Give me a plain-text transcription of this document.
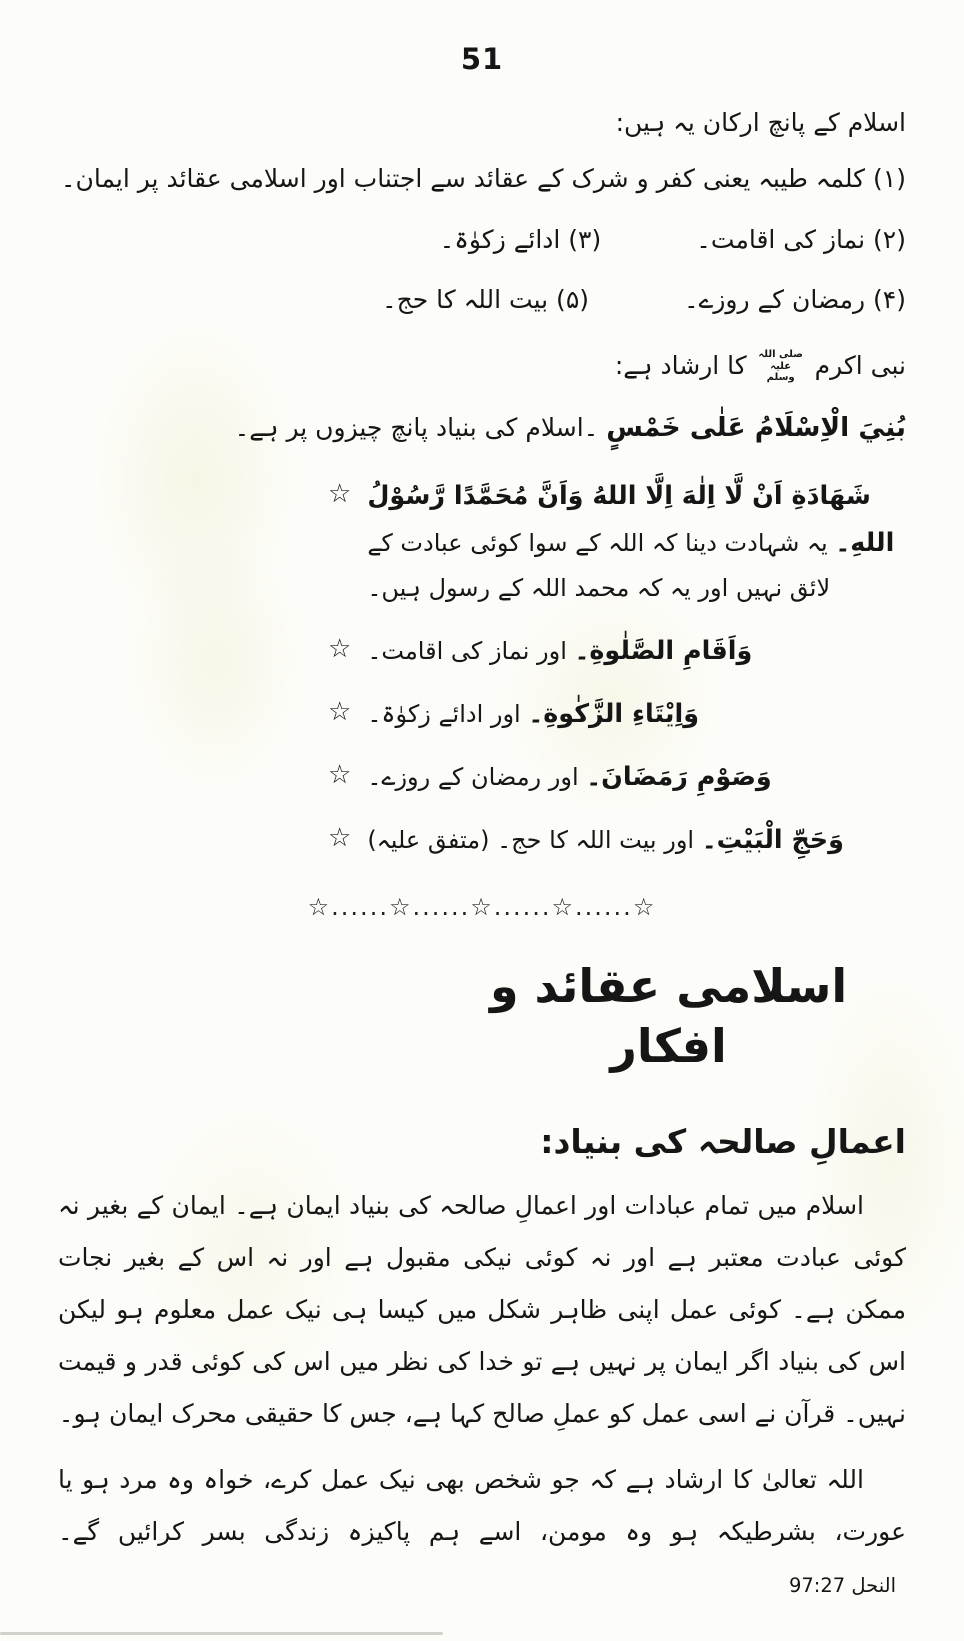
51

اسلام کے پانچ ارکان یہ ہیں:

(۱) کلمہ طیبہ یعنی کفر و شرک کے عقائد سے اجتناب اور اسلامی عقائد پر ایمان۔

(۲) نماز کی اقامت۔
(۳) ادائے زکوٰۃ۔
(۴) رمضان کے روزے۔
(۵) بیت اللہ کا حج۔

نبی اکرم صلی اللہ علیہ وسلم کا ارشاد ہے:

بُنِيَ الْاِسْلَامُ عَلٰى خَمْسٍ ۔اسلام کی بنیاد پانچ چیزوں پر ہے۔

☆ شَهَادَةِ اَنْ لَّا اِلٰهَ اِلَّا اللهُ وَاَنَّ مُحَمَّدًا رَّسُوْلُ اللهِ۔ یہ شہادت دینا کہ اللہ کے سوا کوئی عبادت کے لائق نہیں اور یہ کہ محمد اللہ کے رسول ہیں۔
☆	وَاَقَامِ الصَّلٰوةِ۔ اور نماز کی اقامت۔
☆	وَاِيْتَاءِ الزَّكٰوةِ۔ اور ادائے زکوٰۃ۔
☆	وَصَوْمِ رَمَضَانَ۔ اور رمضان کے روزے۔
☆	وَحَجِّ الْبَيْتِ۔ اور بیت اللہ کا حج۔ (متفق علیہ)
☆......☆......☆......☆......☆
اسلامی عقائد و افکار
اعمالِ صالحہ کی بنیاد:

اسلام میں تمام عبادات اور اعمالِ صالحہ کی بنیاد ایمان ہے۔ ایمان کے بغیر نہ کوئی عبادت معتبر ہے اور نہ کوئی نیکی مقبول ہے اور نہ اس کے بغیر نجات ممکن ہے۔ کوئی عمل اپنی ظاہر شکل میں کیسا ہی نیک عمل معلوم ہو لیکن اس کی بنیاد اگر ایمان پر نہیں ہے تو خدا کی نظر میں اس کی کوئی قدر و قیمت نہیں۔ قرآن نے اسی عمل کو عملِ صالح کہا ہے، جس کا حقیقی محرک ایمان ہو۔

اللہ تعالیٰ کا ارشاد ہے کہ جو شخص بھی نیک عمل کرے، خواہ وہ مرد ہو یا عورت، بشرطیکہ ہو وہ مومن، اسے ہم پاکیزہ زندگی بسر کرائیں گے۔ النحل 97:27
